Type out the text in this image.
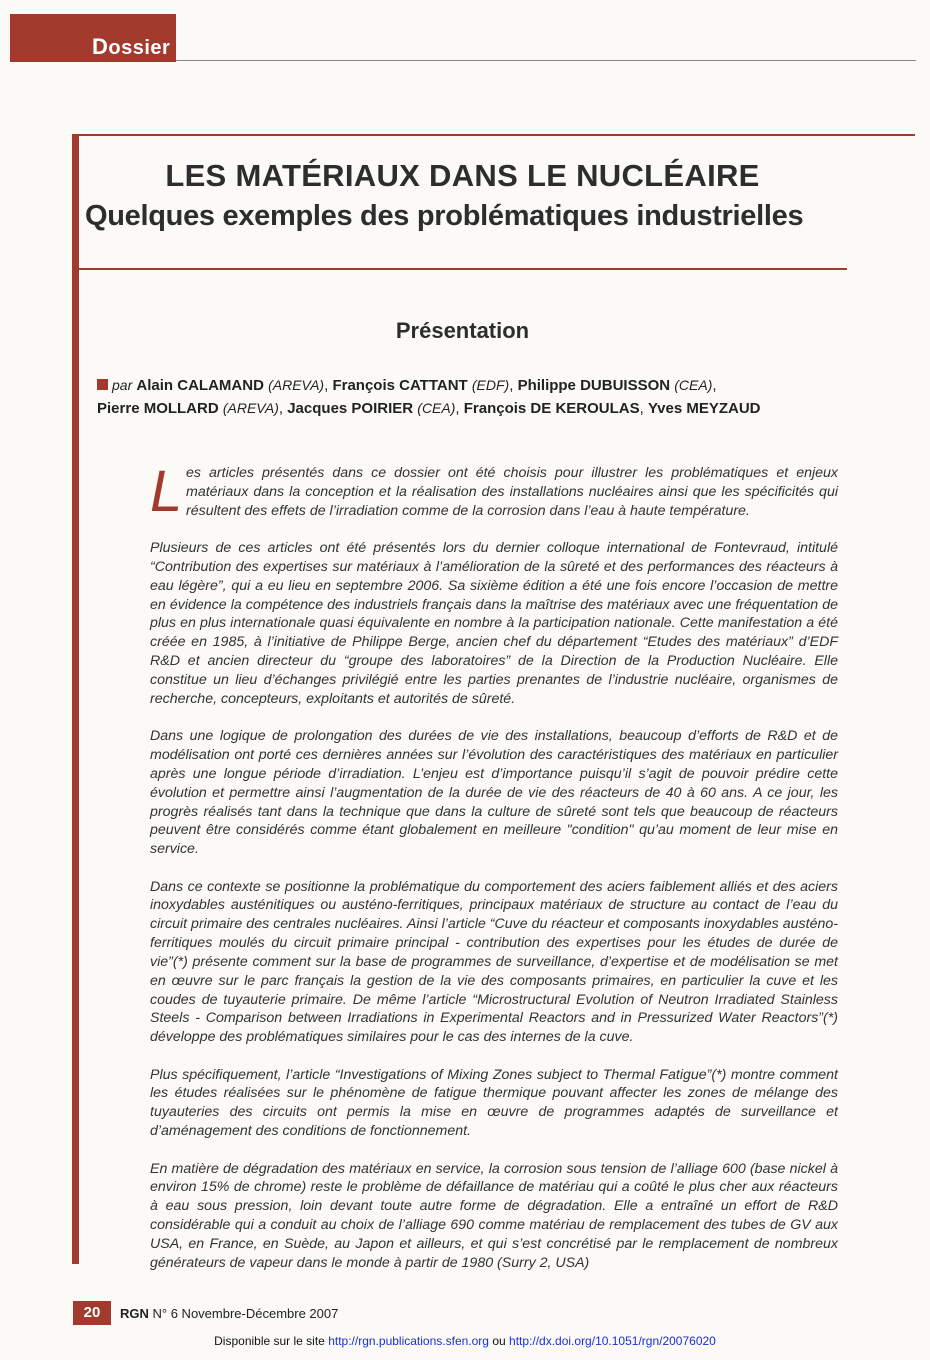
Dossier
LES MATÉRIAUX DANS LE NUCLÉAIRE
Quelques exemples des problématiques industrielles
Présentation
par Alain CALAMAND (AREVA), François CATTANT (EDF), Philippe DUBUISSON (CEA),
Pierre MOLLARD (AREVA), Jacques POIRIER (CEA), François DE KEROULAS, Yves MEYZAUD

L es articles présentés dans ce dossier ont été choisis pour illustrer les problématiques et enjeux matériaux dans la conception et la réalisation des installations nucléaires ainsi que les spécificités qui résultent des effets de l’irradiation comme de la corrosion dans l’eau à haute température.

Plusieurs de ces articles ont été présentés lors du dernier colloque international de Fontevraud, intitulé “Contribution des expertises sur matériaux à l’amélioration de la sûreté et des performances des réacteurs à eau légère”, qui a eu lieu en septembre 2006. Sa sixième édition a été une fois encore l’occasion de mettre en évidence la compétence des industriels français dans la maîtrise des matériaux avec une fréquentation de plus en plus internationale quasi équivalente en nombre à la participation nationale. Cette manifestation a été créée en 1985, à l’initiative de Philippe Berge, ancien chef du département “Etudes des matériaux” d’EDF R&D et ancien directeur du “groupe des laboratoires” de la Direction de la Production Nucléaire. Elle constitue un lieu d’échanges privilégié entre les parties prenantes de l’industrie nucléaire, organismes de recherche, concepteurs, exploitants et autorités de sûreté.

Dans une logique de prolongation des durées de vie des installations, beaucoup d’efforts de R&D et de modélisation ont porté ces dernières années sur l’évolution des caractéristiques des matériaux en particulier après une longue période d’irradiation. L’enjeu est d’importance puisqu’il s’agit de pouvoir prédire cette évolution et permettre ainsi l’augmentation de la durée de vie des réacteurs de 40 à 60 ans. A ce jour, les progrès réalisés tant dans la technique que dans la culture de sûreté sont tels que beaucoup de réacteurs peuvent être considérés comme étant globalement en meilleure "condition" qu’au moment de leur mise en service.

Dans ce contexte se positionne la problématique du comportement des aciers faiblement alliés et des aciers inoxydables austénitiques ou austéno-ferritiques, principaux matériaux de structure au contact de l’eau du circuit primaire des centrales nucléaires. Ainsi l’article “Cuve du réacteur et composants inoxydables austéno-ferritiques moulés du circuit primaire principal - contribution des expertises pour les études de durée de vie”(*) présente comment sur la base de programmes de surveillance, d’expertise et de modélisation se met en œuvre sur le parc français la gestion de la vie des composants primaires, en particulier la cuve et les coudes de tuyauterie primaire. De même l’article “Microstructural Evolution of Neutron Irradiated Stainless Steels - Comparison between Irradiations in Experimental Reactors and in Pressurized Water Reactors”(*) développe des problématiques similaires pour le cas des internes de la cuve.

Plus spécifiquement, l’article “Investigations of Mixing Zones subject to Thermal Fatigue”(*) montre comment les études réalisées sur le phénomène de fatigue thermique pouvant affecter les zones de mélange des tuyauteries des circuits ont permis la mise en œuvre de programmes adaptés de surveillance et d’aménagement des conditions de fonctionnement.

En matière de dégradation des matériaux en service, la corrosion sous tension de l’alliage 600 (base nickel à environ 15% de chrome) reste le problème de défaillance de matériau qui a coûté le plus cher aux réacteurs à eau sous pression, loin devant toute autre forme de dégradation. Elle a entraîné un effort de R&D considérable qui a conduit au choix de l’alliage 690 comme matériau de remplacement des tubes de GV aux USA, en France, en Suède, au Japon et ailleurs, et qui s’est concrétisé par le remplacement de nombreux générateurs de vapeur dans le monde à partir de 1980 (Surry 2, USA)

20	RGN N° 6 Novembre-Décembre 2007
Disponible sur le site http://rgn.publications.sfen.org ou http://dx.doi.org/10.1051/rgn/20076020
